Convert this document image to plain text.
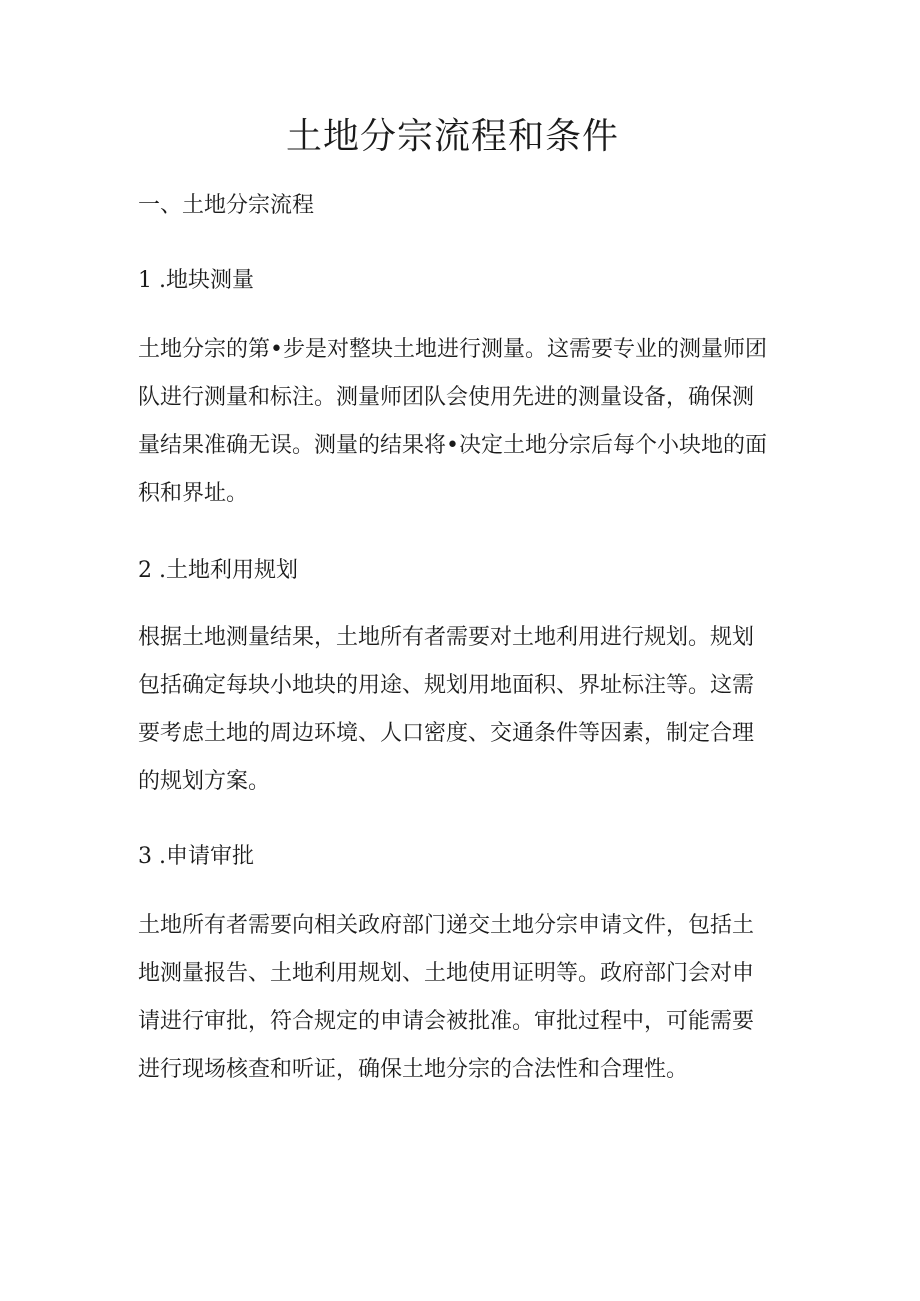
土地分宗流程和条件
一、土地分宗流程
1 .地块测量

土地分宗的第•步是对整块土地进行测量。这需要专业的测量师团队进行测量和标注。测量师团队会使用先进的测量设备，确保测量结果准确无误。测量的结果将•决定土地分宗后每个小块地的面积和界址。

2 .土地利用规划

根据土地测量结果，土地所有者需要对土地利用进行规划。规划包括确定每块小地块的用途、规划用地面积、界址标注等。这需要考虑土地的周边环境、人口密度、交通条件等因素，制定合理的规划方案。

3 .申请审批

土地所有者需要向相关政府部门递交土地分宗申请文件，包括土地测量报告、土地利用规划、土地使用证明等。政府部门会对申请进行审批，符合规定的申请会被批准。审批过程中，可能需要进行现场核查和听证，确保土地分宗的合法性和合理性。
